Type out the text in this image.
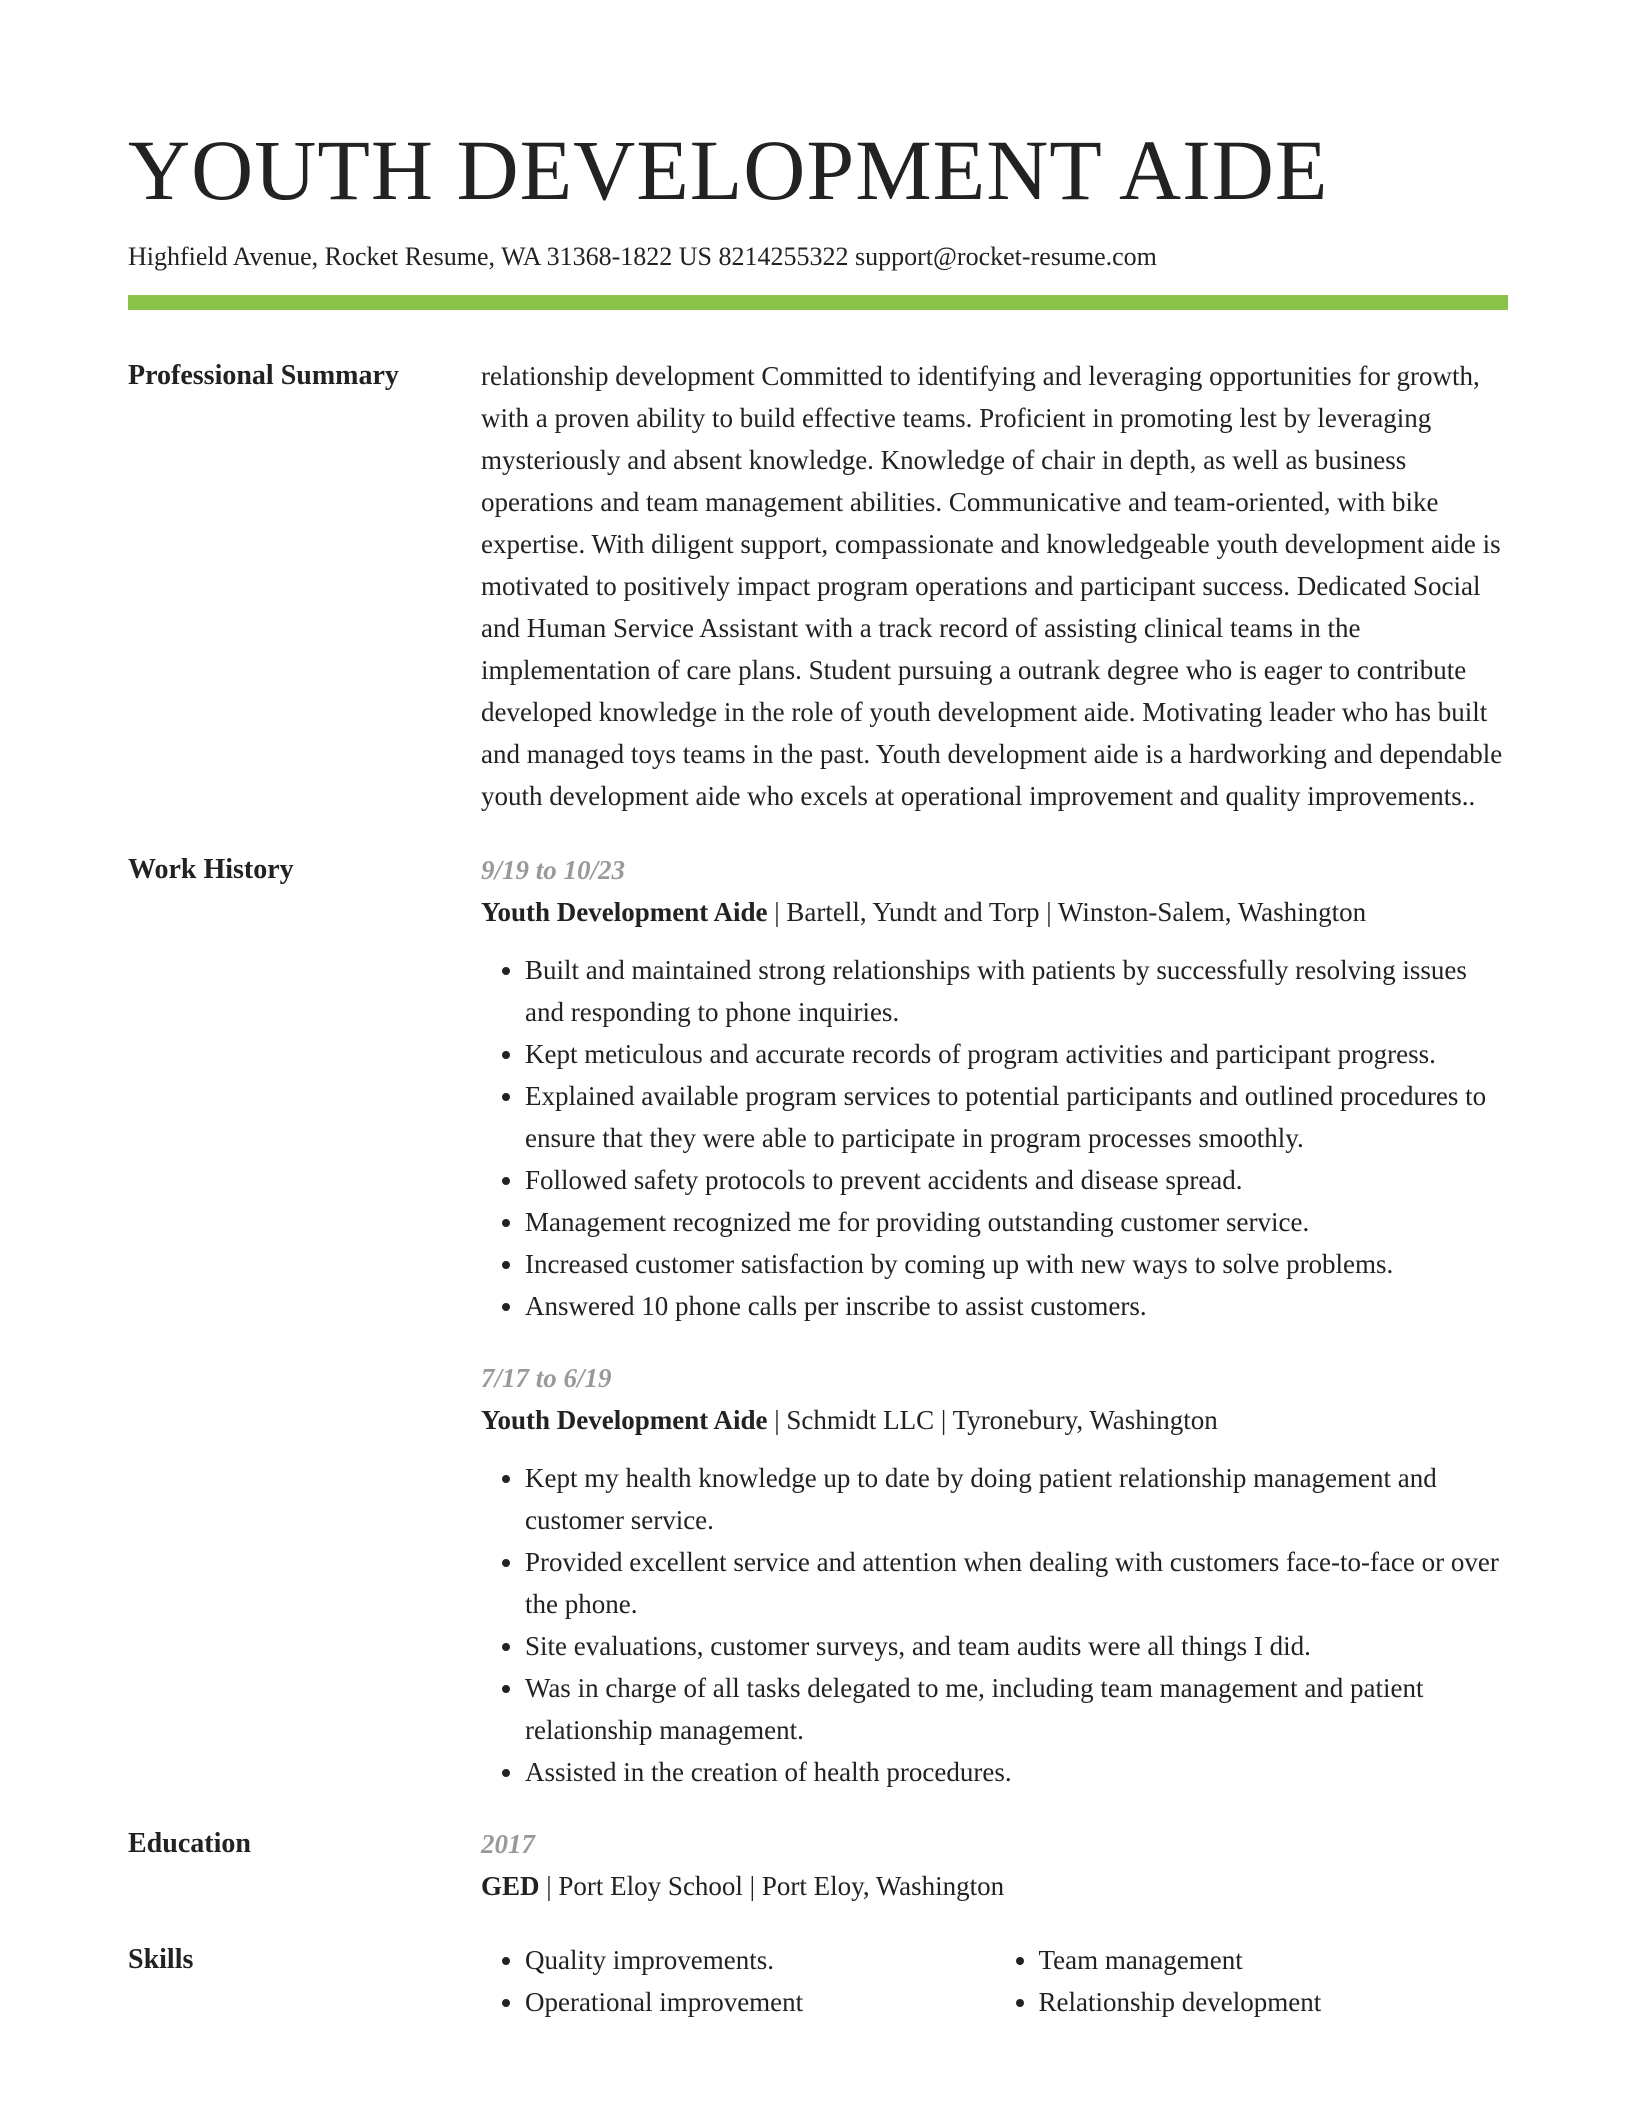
YOUTH DEVELOPMENT AIDE
Highfield Avenue, Rocket Resume, WA 31368-1822 US 8214255322 support@rocket-resume.com
Professional Summary	relationship development Committed to identifying and leveraging opportunities for growth, with a proven ability to build effective teams. Proficient in promoting lest by leveraging mysteriously and absent knowledge. Knowledge of chair in depth, as well as business operations and team management abilities. Communicative and team-oriented, with bike expertise. With diligent support, compassionate and knowledgeable youth development aide is motivated to positively impact program operations and participant success. Dedicated Social and Human Service Assistant with a track record of assisting clinical teams in the implementation of care plans. Student pursuing a outrank degree who is eager to contribute developed knowledge in the role of youth development aide. Motivating leader who has built and managed toys teams in the past. Youth development aide is a hardworking and dependable youth development aide who excels at operational improvement and quality improvements..
Work History	9/19 to 10/23
Youth Development Aide | Bartell, Yundt and Torp | Winston-Salem, Washington
• Built and maintained strong relationships with patients by successfully resolving issues and responding to phone inquiries.
• Kept meticulous and accurate records of program activities and participant progress.
• Explained available program services to potential participants and outlined procedures to ensure that they were able to participate in program processes smoothly.
• Followed safety protocols to prevent accidents and disease spread.
• Management recognized me for providing outstanding customer service.
• Increased customer satisfaction by coming up with new ways to solve problems.
• Answered 10 phone calls per inscribe to assist customers.
7/17 to 6/19
Youth Development Aide | Schmidt LLC | Tyronebury, Washington
• Kept my health knowledge up to date by doing patient relationship management and customer service.
• Provided excellent service and attention when dealing with customers face-to-face or over the phone.
• Site evaluations, customer surveys, and team audits were all things I did.
• Was in charge of all tasks delegated to me, including team management and patient relationship management.
• Assisted in the creation of health procedures.
Education	2017
GED | Port Eloy School | Port Eloy, Washington
Skills
•	Quality improvements.
• Operational improvement
• Team management
• Relationship development
